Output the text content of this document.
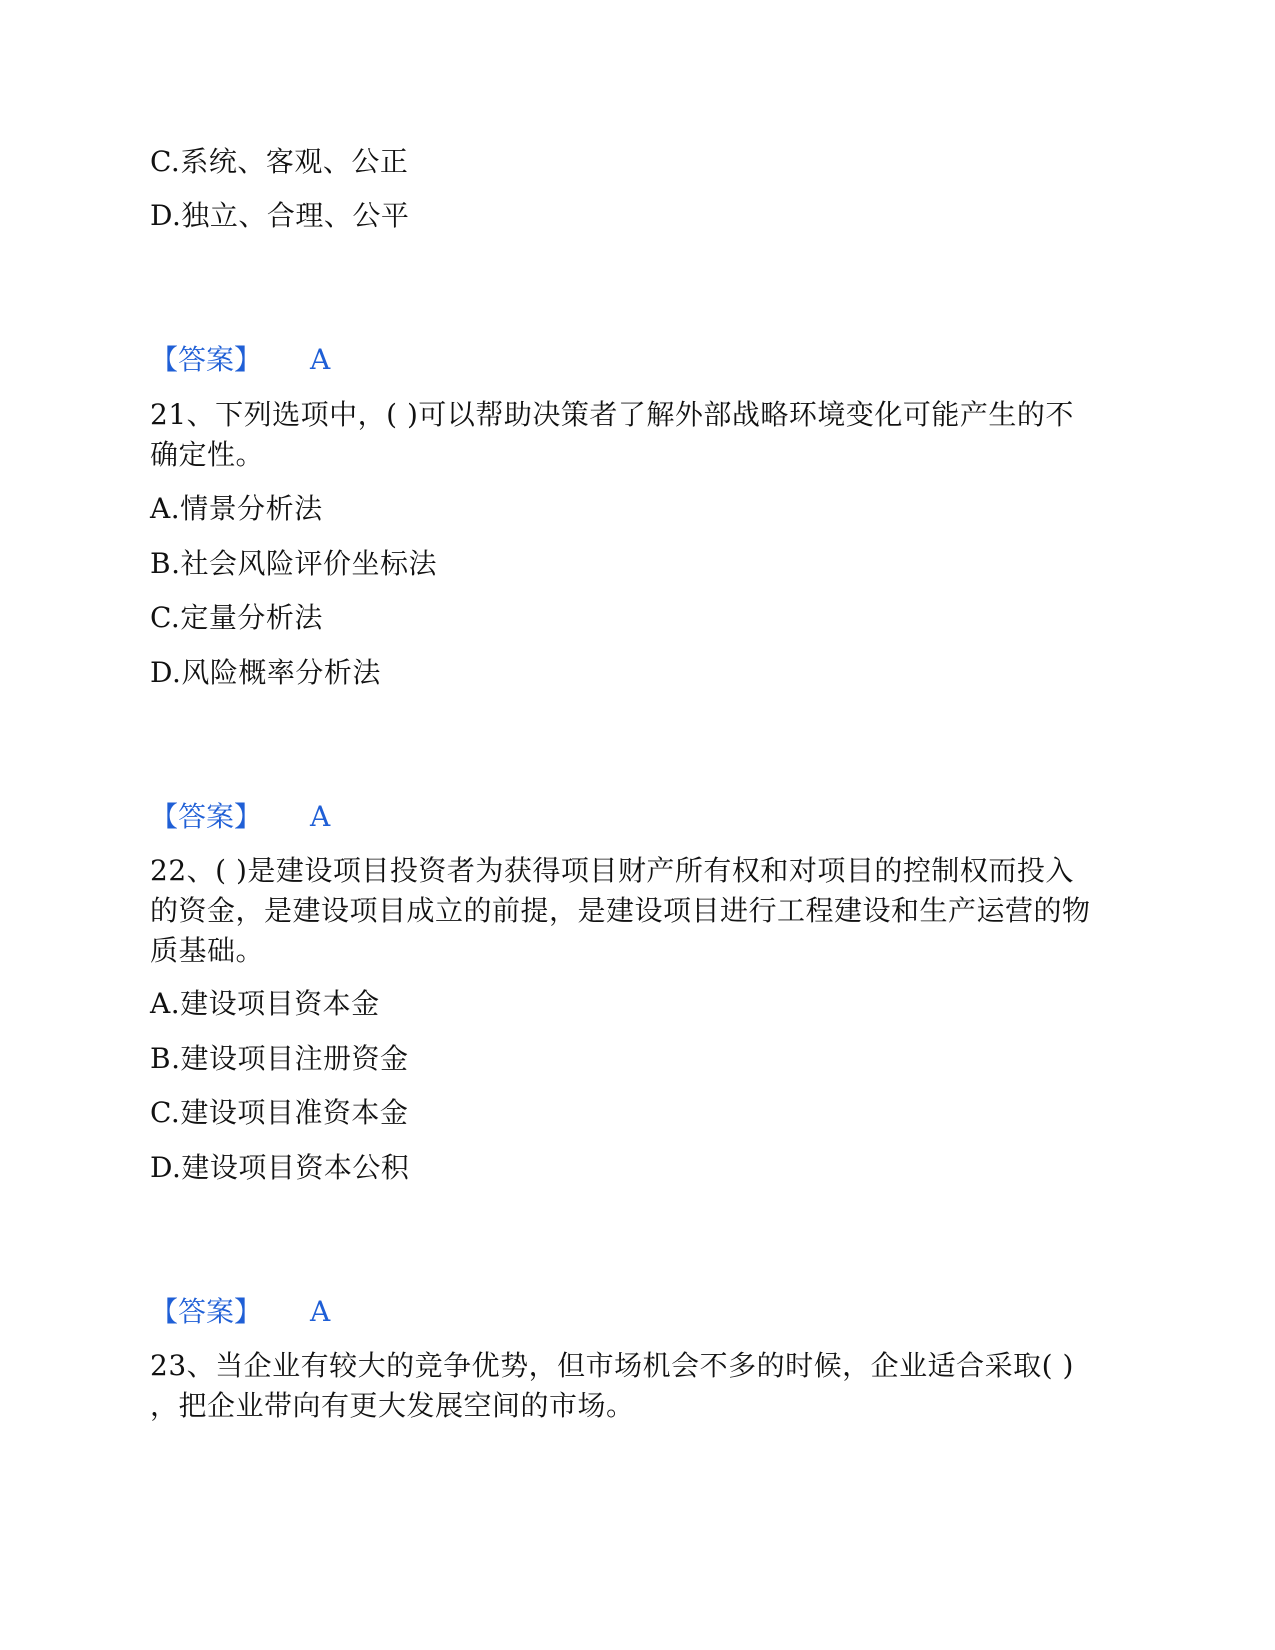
C.系统、客观、公正
D.独立、合理、公平
【答案】 A
21、下列选项中，( )可以帮助决策者了解外部战略环境变化可能产生的不
确定性。
A.情景分析法
B.社会风险评价坐标法
C.定量分析法
D.风险概率分析法
【答案】 A
22、( )是建设项目投资者为获得项目财产所有权和对项目的控制权而投入
的资金，是建设项目成立的前提，是建设项目进行工程建设和生产运营的物
质基础。
A.建设项目资本金
B.建设项目注册资金
C.建设项目准资本金
D.建设项目资本公积
【答案】 A
23、当企业有较大的竞争优势，但市场机会不多的时候，企业适合采取( )
，把企业带向有更大发展空间的市场。
